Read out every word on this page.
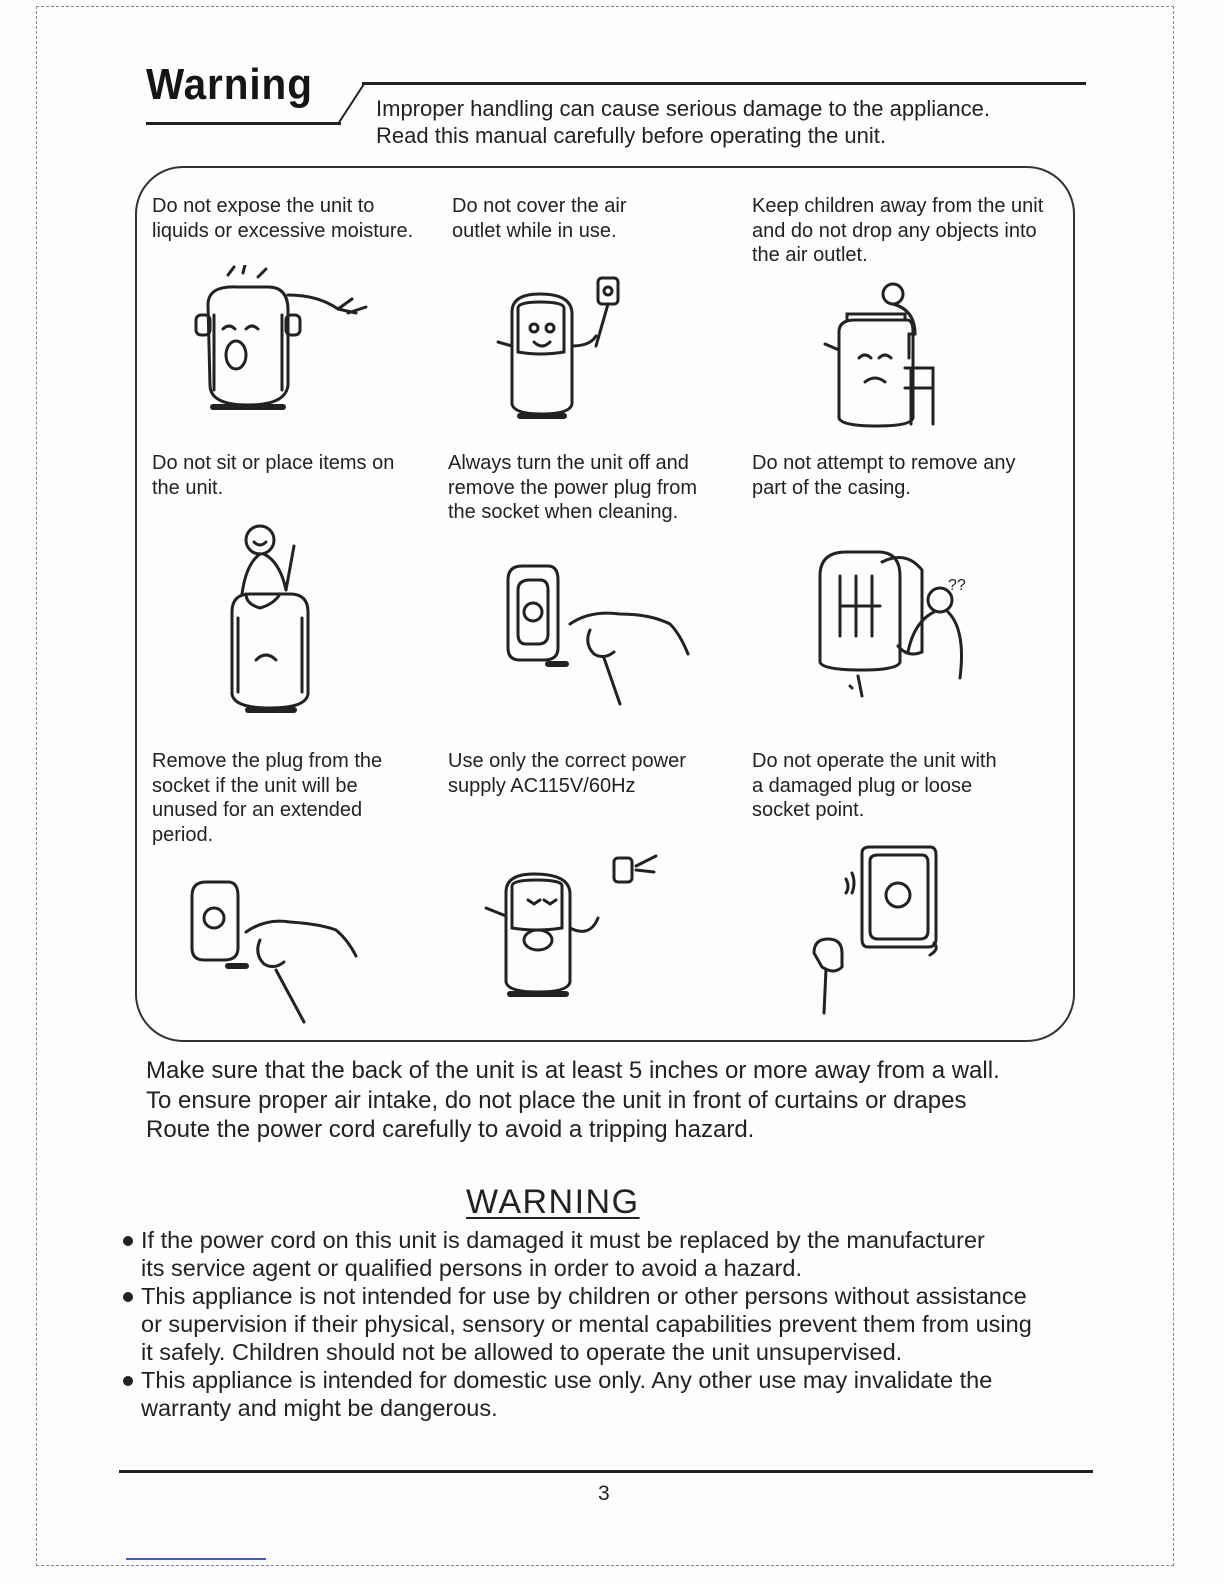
Warning	Improper handling can cause serious damage to the appliance.
Read this manual carefully before operating the unit.
Do not expose the unit to
liquids or excessive moisture.
Do not cover the air
outlet while in use.
Keep children away from the unit
and do not drop any objects into
the air outlet.
Do not sit or place items on
the unit.
Always turn the unit off and
remove the power plug from
the socket when cleaning.
Do not attempt to remove any
part of the casing.
??
Remove the plug from the
socket if the unit will be
unused for an extended
period.
Use only the correct power
supply AC115V/60Hz
Do not operate the unit with
a damaged plug or loose
socket point.
Make sure that the back of the unit is at least 5 inches or more away from a wall.
To ensure proper air intake, do not place the unit in front of curtains or drapes
Route the power cord carefully to avoid a tripping hazard.
WARNING
If the power cord on this unit is damaged it must be replaced by the manufacturer
its service agent or qualified persons in order to avoid a hazard.
This appliance is not intended for use by children or other persons without assistance
or supervision if their physical, sensory or mental capabilities prevent them from using
it safely. Children should not be allowed to operate the unit unsupervised.
This appliance is intended for domestic use only. Any other use may invalidate the
warranty and might be dangerous.
3
